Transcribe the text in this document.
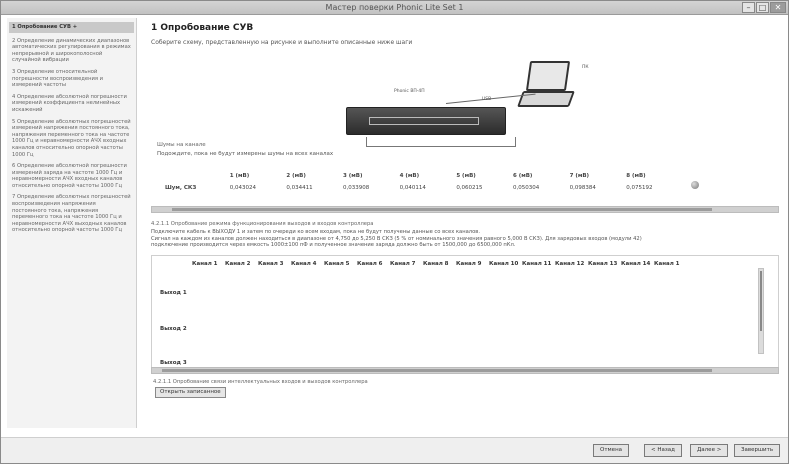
Мастер поверки Phonic Lite Set 1	–	□	✕
1 Опробование СУВ +
2 Определение динамических диапазонов автоматических регулирования в режимах непрерывной и широкополосной случайной вибрации
3 Определение относительной погрешности воспроизведения и измерений частоты
4 Определение абсолютной погрешности измерений коэффициента нелинейных искажений
5 Определение абсолютных погрешностей измерений напряжения постоянного тока, напряжения переменного тока на частоте 1000 Гц и неравномерности АЧХ входных каналов относительно опорной частоты 1000 Гц
6 Определение абсолютной погрешности измерений заряда на частоте 1000 Гц и неравномерности АЧХ входных каналов относительно опорной частоты 1000 Гц
7 Определение абсолютных погрешностей воспроизведения напряжения постоянного тока, напряжения переменного тока на частоте 1000 Гц и неравномерности АЧХ выходных каналов относительно опорной частоты 1000 Гц
1 Опробование СУВ
Соберите схему, представленную на рисунке и выполните описанные ниже шаги
ПК
USB
Phonic ВП-4П
Шумы на канале
Подождите, пока не будут измерены шумы на всех каналах
	1 (мВ)	2 (мВ)	3 (мВ)	4 (мВ)	5 (мВ)	6 (мВ)	7 (мВ)	8 (мВ)
Шум, СКЗ	0,043024	0,034411	0,033908	0,040114	0,060215	0,050304	0,098384	0,075192

4.2.1.1 Опробование режима функционирования выходов и входов контроллера

Подключите кабель к ВЫХОДУ 1 и затем по очереди ко всем входам, пока не будут получены данные со всех каналов.

Сигнал на каждом из каналов должен находиться в диапазоне от 4,750 до 5,250 В СКЗ (5 % от номинального значения равного 5,000 В СКЗ). Для зарядовых входов (модули 42)

подключение производится через емкость 1000±100 пФ и полученное значение заряда должно быть от 1500,000 до 6500,000 пКл.

Канал 1	Канал 2	Канал 3	Канал 4	Канал 5	Канал 6	Канал 7	Канал 8	Канал 9	Канал 10 Канал 11 Канал 12 Канал 13 Канал 14 Канал 1
Выход 1
Выход 2
Выход 3
4.2.1.1 Опробование связи интеллектуальных входов и выходов контроллера
Открыть записанное
Отмена	< Назад	Далее >	Завершить
